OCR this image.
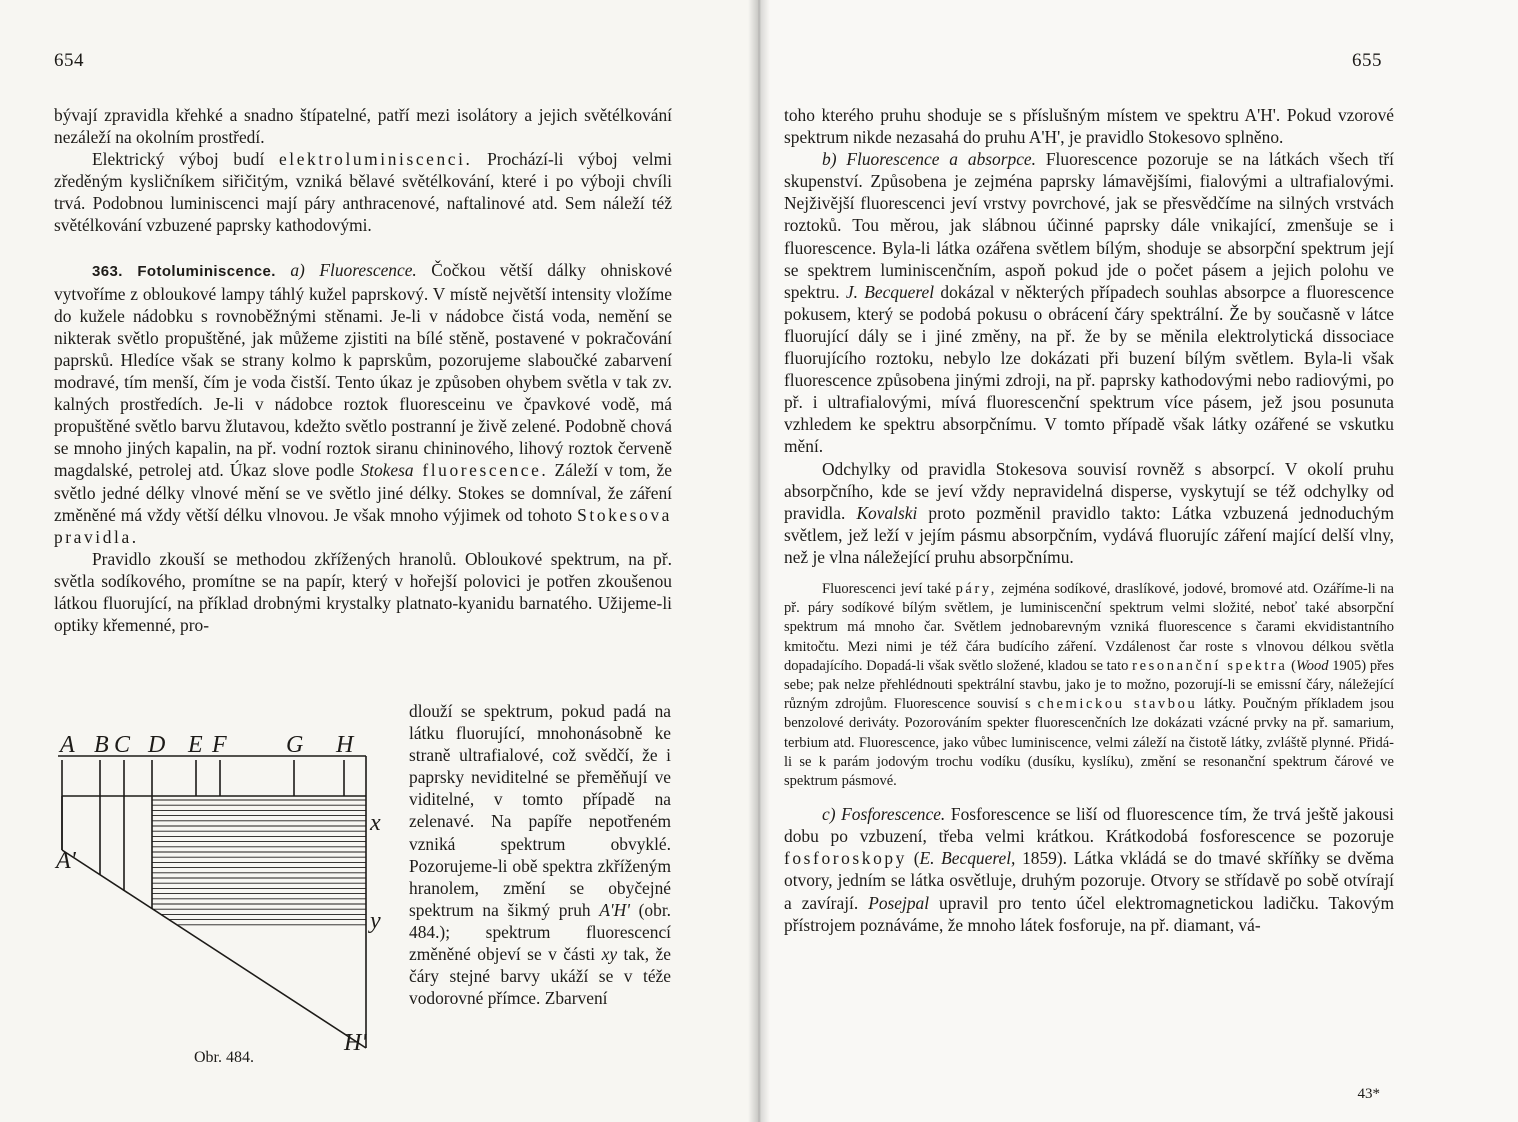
654

bývají zpravidla křehké a snadno štípatelné, patří mezi isolátory a jejich světélkování nezáleží na okolním prostředí.

Elektrický výboj budí elektroluminiscenci. Prochází-li výboj velmi zředěným kysličníkem siřičitým, vzniká bělavé světélkování, které i po výboji chvíli trvá. Podobnou luminiscenci mají páry anthracenové, naftalinové atd. Sem náleží též světélkování vzbuzené paprsky kathodovými.

363. Fotoluminiscence. a) Fluorescence. Čočkou větší dálky ohniskové vytvoříme z obloukové lampy táhlý kužel paprskový. V místě největší intensity vložíme do kužele nádobku s rovnoběžnými stěnami. Je-li v nádobce čistá voda, nemění se nikterak světlo propuštěné, jak můžeme zjistiti na bílé stěně, postavené v pokračování paprsků. Hledíce však se strany kolmo k paprskům, pozorujeme slaboučké zabarvení modravé, tím menší, čím je voda čistší. Tento úkaz je způsoben ohybem světla v tak zv. kalných prostředích. Je-li v nádobce roztok fluoresceinu ve čpavkové vodě, má propuštěné světlo barvu žlutavou, kdežto světlo postranní je živě zelené. Podobně chová se mnoho jiných kapalin, na př. vodní roztok siranu chininového, lihový roztok červeně magdalské, petrolej atd. Úkaz slove podle Stokesa fluorescence. Záleží v tom, že světlo jedné délky vlnové mění se ve světlo jiné délky. Stokes se domníval, že záření změněné má vždy větší délku vlnovou. Je však mnoho výjimek od tohoto Stokesova pravidla.

Pravidlo zkouší se methodou zkřížených hranolů. Obloukové spektrum, na př. světla sodíkového, promítne se na papír, který v hořejší polovici je potřen zkoušenou látkou fluorující, na příklad drobnými krystalky platnato-kyanidu barnatého. Užijeme-li optiky křemenné, pro-

dlouží se spektrum, pokud padá na látku fluorující, mnohonásobně ke straně ultrafialové, což svědčí, že i paprsky neviditelné se přeměňují ve viditelné, v tomto případě na zelenavé. Na papíře nepotřeném vzniká spektrum obvyklé. Pozorujeme-li obě spektra zkříženým hranolem, změní se obyčejné spektrum na šikmý pruh A'H' (obr. 484.); spektrum fluorescencí změněné objeví se v části xy tak, že čáry stejné barvy ukáží se v téže vodorovné přímce. Zbarvení

A B C D E F G H
x
y
A'
H'
Obr. 484.
655

toho kterého pruhu shoduje se s příslušným místem ve spektru A'H'. Pokud vzorové spektrum nikde nezasahá do pruhu A'H', je pravidlo Stokesovo splněno.

b) Fluorescence a absorpce. Fluorescence pozoruje se na látkách všech tří skupenství. Způsobena je zejména paprsky lámavějšími, fialovými a ultrafialovými. Nejživější fluorescenci jeví vrstvy povrchové, jak se přesvědčíme na silných vrstvách roztoků. Tou měrou, jak slábnou účinné paprsky dále vnikající, zmenšuje se i fluorescence. Byla-li látka ozářena světlem bílým, shoduje se absorpční spektrum její se spektrem luminiscenčním, aspoň pokud jde o počet pásem a jejich polohu ve spektru. J. Becquerel dokázal v některých případech souhlas absorpce a fluorescence pokusem, který se podobá pokusu o obrácení čáry spektrální. Že by současně v látce fluorující dály se i jiné změny, na př. že by se měnila elektrolytická dissociace fluorujícího roztoku, nebylo lze dokázati při buzení bílým světlem. Byla-li však fluorescence způsobena jinými zdroji, na př. paprsky kathodovými nebo radiovými, po př. i ultrafialovými, mívá fluorescenční spektrum více pásem, jež jsou posunuta vzhledem ke spektru absorpčnímu. V tomto případě však látky ozářené se vskutku mění.

Odchylky od pravidla Stokesova souvisí rovněž s absorpcí. V okolí pruhu absorpčního, kde se jeví vždy nepravidelná disperse, vyskytují se též odchylky od pravidla. Kovalski proto pozměnil pravidlo takto: Látka vzbuzená jednoduchým světlem, jež leží v jejím pásmu absorpčním, vydává fluorujíc záření mající delší vlny, než je vlna náležející pruhu absorpčnímu.

Fluorescenci jeví také páry, zejména sodíkové, draslíkové, jodové, bromové atd. Ozáříme-li na př. páry sodíkové bílým světlem, je luminiscenční spektrum velmi složité, neboť také absorpční spektrum má mnoho čar. Světlem jednobarevným vzniká fluorescence s čarami ekvidistantního kmitočtu. Mezi nimi je též čára budícího záření. Vzdálenost čar roste s vlnovou délkou světla dopadajícího. Dopadá-li však světlo složené, kladou se tato resonanční spektra (Wood 1905) přes sebe; pak nelze přehlédnouti spektrální stavbu, jako je to možno, pozorují-li se emissní čáry, náležející různým zdrojům. Fluorescence souvisí s chemickou stavbou látky. Poučným příkladem jsou benzolové deriváty. Pozorováním spekter fluorescenčních lze dokázati vzácné prvky na př. samarium, terbium atd. Fluorescence, jako vůbec luminiscence, velmi záleží na čistotě látky, zvláště plynné. Přidá-li se k parám jodovým trochu vodíku (dusíku, kyslíku), změní se resonanční spektrum čárové ve spektrum pásmové.

c) Fosforescence. Fosforescence se liší od fluorescence tím, že trvá ještě jakousi dobu po vzbuzení, třeba velmi krátkou. Krátkodobá fosforescence se pozoruje fosforoskopy (E. Becquerel, 1859). Látka vkládá se do tmavé skříňky se dvěma otvory, jedním se látka osvětluje, druhým pozoruje. Otvory se střídavě po sobě otvírají a zavírají. Posejpal upravil pro tento účel elektromagnetickou ladičku. Takovým přístrojem poznáváme, že mnoho látek fosforuje, na př. diamant, vá-

43*
